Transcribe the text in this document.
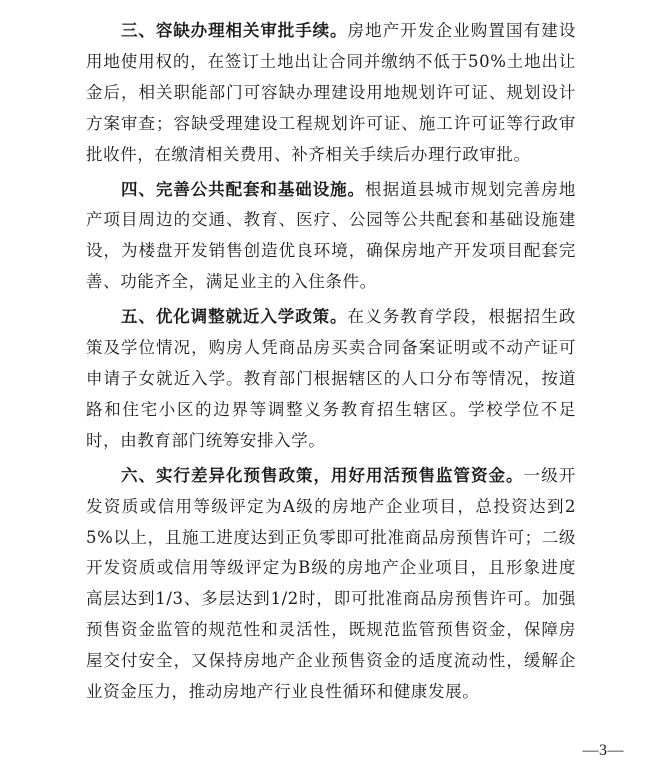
三、容缺办理相关审批手续。房地产开发企业购置国有建设用地使用权的，在签订土地出让合同并缴纳不低于50%土地出让金后，相关职能部门可容缺办理建设用地规划许可证、规划设计方案审查；容缺受理建设工程规划许可证、施工许可证等行政审批收件，在缴清相关费用、补齐相关手续后办理行政审批。

四、完善公共配套和基础设施。根据道县城市规划完善房地产项目周边的交通、教育、医疗、公园等公共配套和基础设施建设，为楼盘开发销售创造优良环境，确保房地产开发项目配套完善、功能齐全，满足业主的入住条件。

五、优化调整就近入学政策。在义务教育学段，根据招生政策及学位情况，购房人凭商品房买卖合同备案证明或不动产证可申请子女就近入学。教育部门根据辖区的人口分布等情况，按道路和住宅小区的边界等调整义务教育招生辖区。学校学位不足时，由教育部门统筹安排入学。

六、实行差异化预售政策，用好用活预售监管资金。一级开发资质或信用等级评定为A级的房地产企业项目，总投资达到25%以上，且施工进度达到正负零即可批准商品房预售许可；二级开发资质或信用等级评定为B级的房地产企业项目，且形象进度高层达到1/3、多层达到1/2时，即可批准商品房预售许可。加强预售资金监管的规范性和灵活性，既规范监管预售资金，保障房屋交付安全，又保持房地产企业预售资金的适度流动性，缓解企业资金压力，推动房地产行业良性循环和健康发展。

—3—
